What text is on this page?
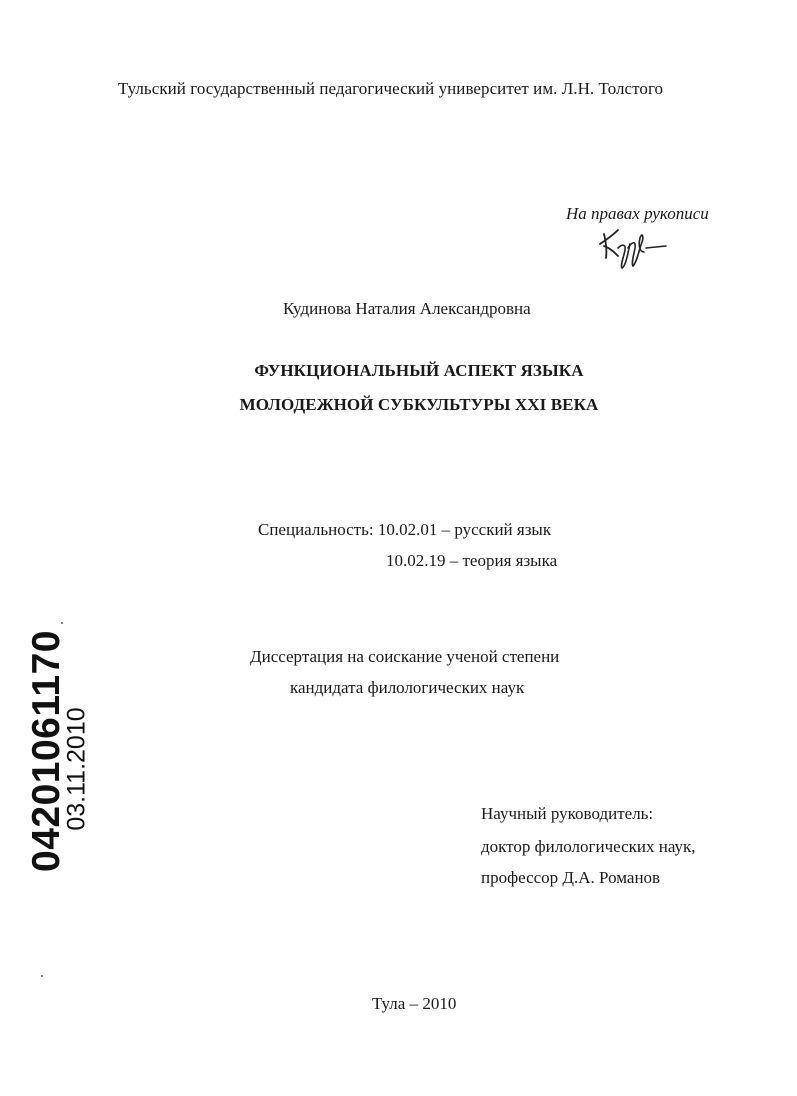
Тульский государственный педагогический университет им. Л.Н. Толстого
На правах рукописи
Кудинова Наталия Александровна
ФУНКЦИОНАЛЬНЫЙ АСПЕКТ ЯЗЫКА
МОЛОДЕЖНОЙ СУБКУЛЬТУРЫ XXI ВЕКА
Специальность: 10.02.01 – русский язык
10.02.19 – теория языка
Диссертация на соискание ученой степени
кандидата филологических наук
Научный руководитель:
доктор филологических наук,
профессор Д.А. Романов
Тула – 2010
04201061170
03.11.2010
